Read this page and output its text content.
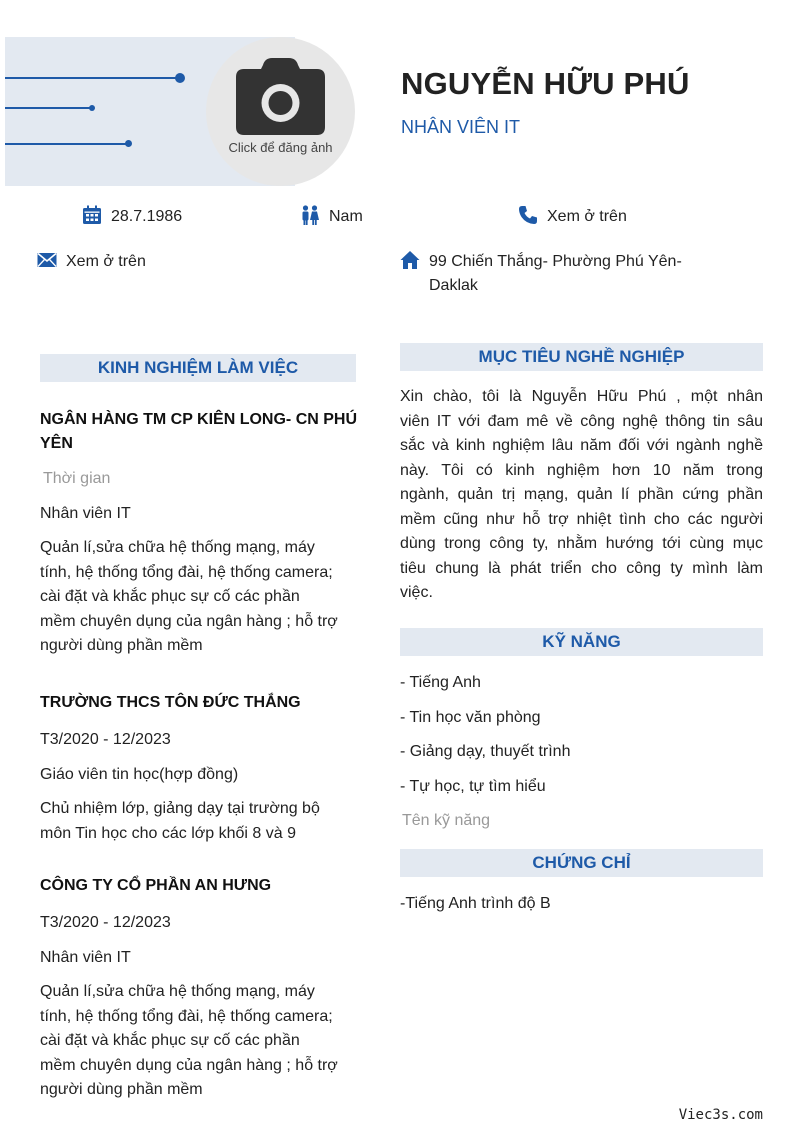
Click để đăng ảnh
NGUYỄN HỮU PHÚ
NHÂN VIÊN IT
28.7.1986	Nam	Xem ở trên
Xem ở trên	99 Chiến Thắng- Phường Phú Yên-
Daklak
KINH NGHIỆM LÀM VIỆC
NGÂN HÀNG TM CP KIÊN LONG- CN PHÚ
YÊN
Thời gian
Nhân viên IT
Quản lí,sửa chữa hệ thống mạng, máy
tính, hệ thống tổng đài, hệ thống camera;
cài đặt và khắc phục sự cố các phần
mềm chuyên dụng của ngân hàng ; hỗ trợ
người dùng phần mềm
TRƯỜNG THCS TÔN ĐỨC THẮNG
T3/2020 - 12/2023
Giáo viên tin học(hợp đồng)
Chủ nhiệm lớp, giảng dạy tại trường bộ
môn Tin học cho các lớp khối 8 và 9
CÔNG TY CỔ PHẦN AN HƯNG
T3/2020 - 12/2023
Nhân viên IT
Quản lí,sửa chữa hệ thống mạng, máy
tính, hệ thống tổng đài, hệ thống camera;
cài đặt và khắc phục sự cố các phần
mềm chuyên dụng của ngân hàng ; hỗ trợ
người dùng phần mềm
MỤC TIÊU NGHỀ NGHIỆP
Xin chào, tôi là Nguyễn Hữu Phú , một nhân
viên IT với đam mê về công nghệ thông tin sâu
sắc và kinh nghiệm lâu năm đối với ngành nghề
này. Tôi có kinh nghiệm hơn 10 năm trong
ngành, quản trị mạng, quản lí phần cứng phần
mềm cũng như hỗ trợ nhiệt tình cho các người
dùng trong công ty, nhằm hướng tới cùng mục
tiêu chung là phát triển cho công ty mình làm
việc.
KỸ NĂNG
- Tiếng Anh
- Tin học văn phòng
- Giảng dạy, thuyết trình
- Tự học, tự tìm hiểu
Tên kỹ năng
CHỨNG CHỈ
-Tiếng Anh trình độ B
Viec3s.com
